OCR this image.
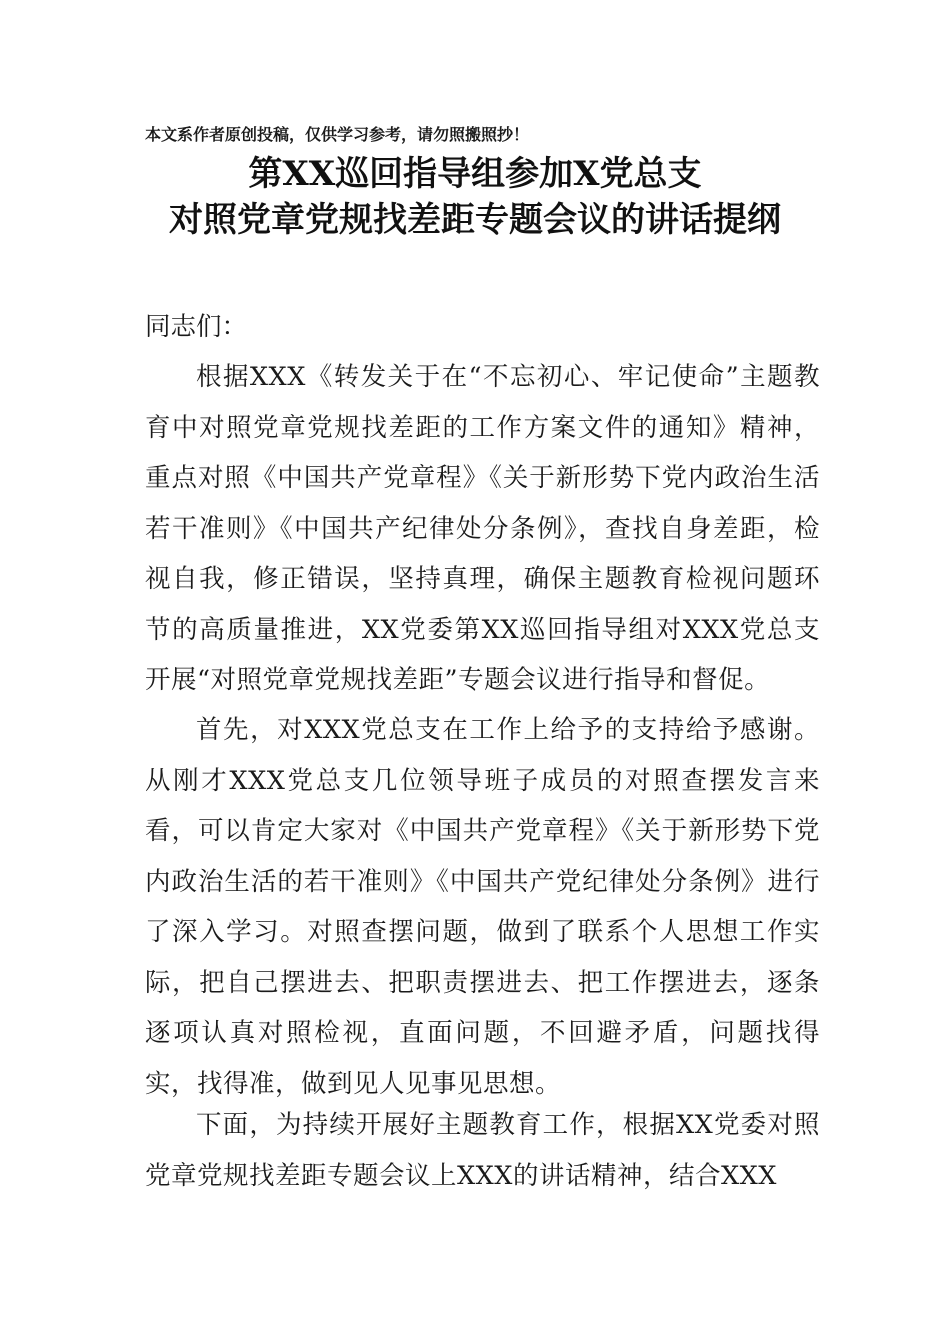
本文系作者原创投稿，仅供学习参考，请勿照搬照抄！
第XX巡回指导组参加X党总支
对照党章党规找差距专题会议的讲话提纲
同志们：
根据XXX《转发关于在“不忘初心、牢记使命”主题教育中对照党章党规找差距的工作方案文件的通知》精神，重点对照《中国共产党章程》《关于新形势下党内政治生活若干准则》《中国共产纪律处分条例》，查找自身差距，检视自我，修正错误，坚持真理，确保主题教育检视问题环节的高质量推进，XX党委第XX巡回指导组对XXX党总支开展“对照党章党规找差距”专题会议进行指导和督促。
首先，对XXX党总支在工作上给予的支持给予感谢。从刚才XXX党总支几位领导班子成员的对照查摆发言来看，可以肯定大家对《中国共产党章程》《关于新形势下党内政治生活的若干准则》《中国共产党纪律处分条例》进行了深入学习。对照查摆问题，做到了联系个人思想工作实际，把自己摆进去、把职责摆进去、把工作摆进去，逐条逐项认真对照检视，直面问题，不回避矛盾，问题找得实，找得准，做到见人见事见思想。
下面，为持续开展好主题教育工作，根据XX党委对照党章党规找差距专题会议上XXX的讲话精神，结合XXX
